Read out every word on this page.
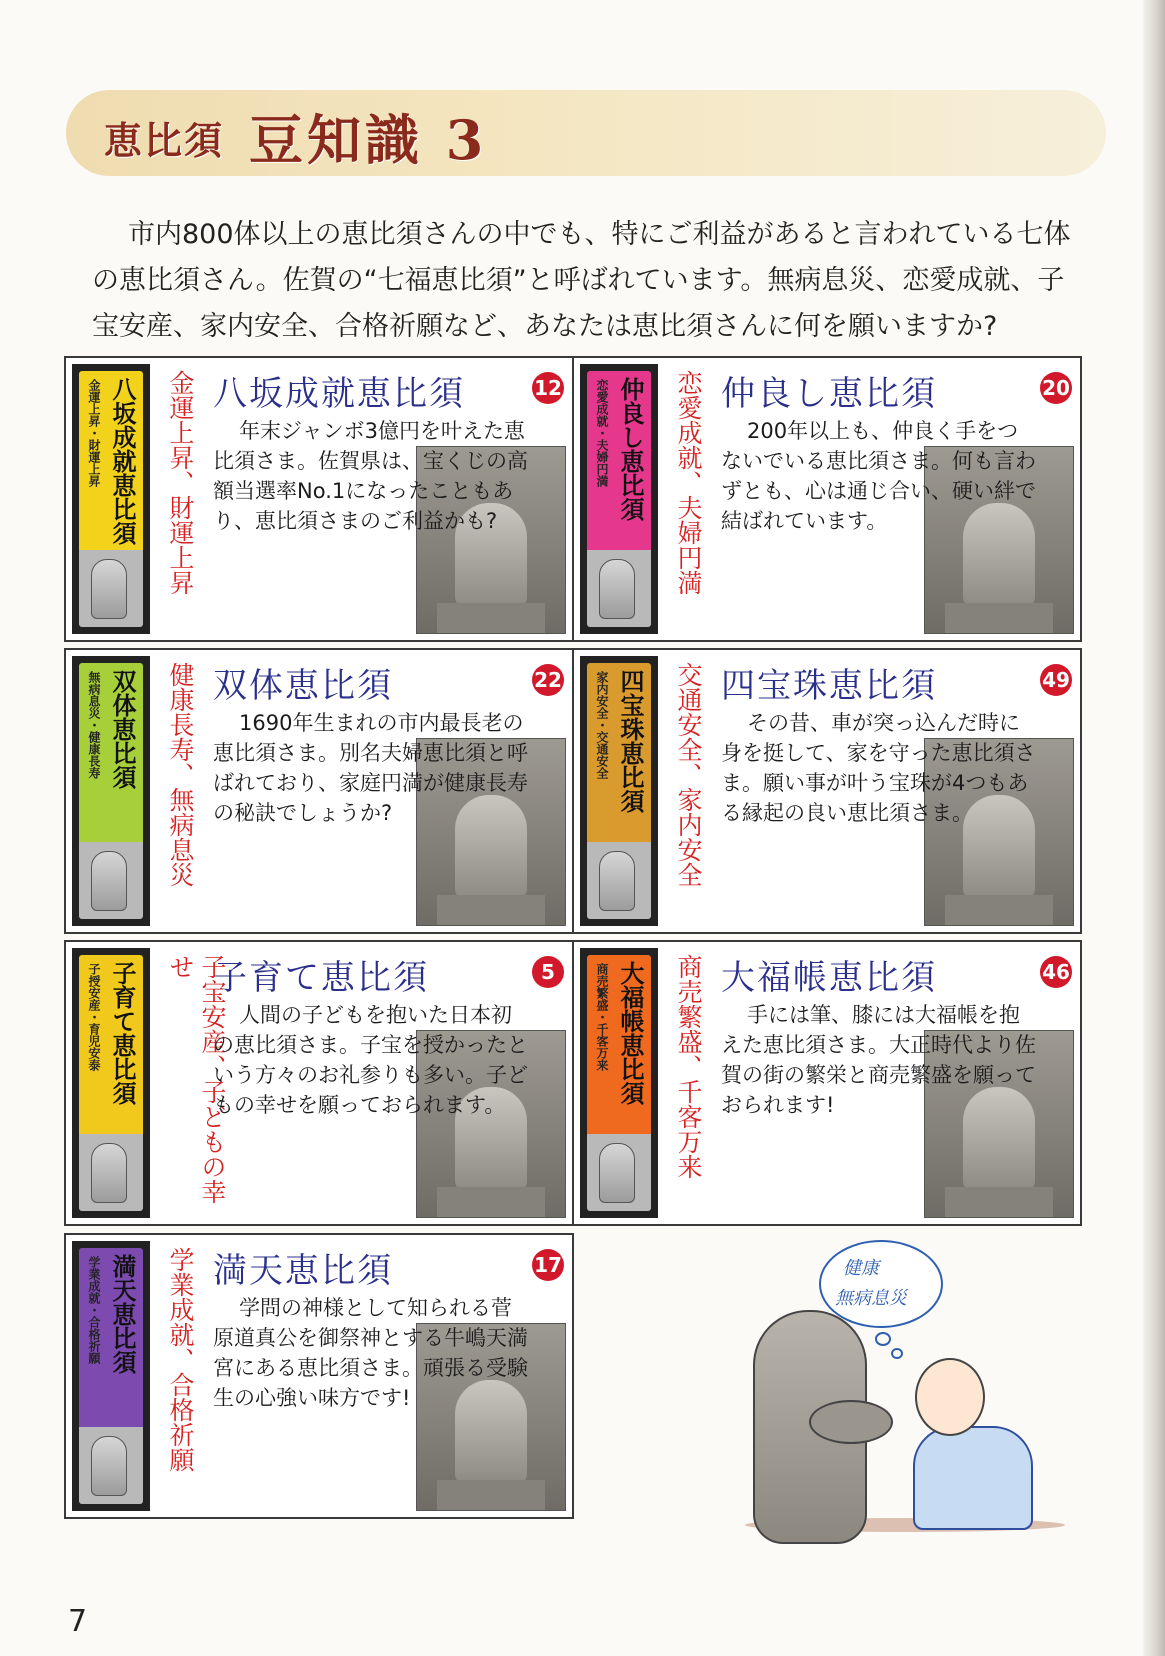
恵比須 豆知識 3
市内800体以上の恵比須さんの中でも、特にご利益があると言われている七体の恵比須さん。佐賀の“七福恵比須”と呼ばれています。無病息災、恋愛成就、子宝安産、家内安全、合格祈願など、あなたは恵比須さんに何を願いますか?
金運上昇・財運上昇 八坂成就恵比須 金運上昇、財運上昇 八坂成就恵比須	12
年末ジャンボ3億円を叶えた恵比須さま。佐賀県は、宝くじの高額当選率No.1になったこともあり、恵比須さまのご利益かも?
恋愛成就・夫婦円満 仲良し恵比須 恋愛成就、夫婦円満 仲良し恵比須	20
200年以上も、仲良く手をつないでいる恵比須さま。何も言わずとも、心は通じ合い、硬い絆で結ばれています。
無病息災・健康長寿 双体恵比須 健康長寿、無病息災 双体恵比須	22
1690年生まれの市内最長老の恵比須さま。別名夫婦恵比須と呼ばれており、家庭円満が健康長寿の秘訣でしょうか?
家内安全・交通安全 四宝珠恵比須 交通安全、家内安全 四宝珠恵比須	49
その昔、車が突っ込んだ時に身を挺して、家を守った恵比須さま。願い事が叶う宝珠が4つもある縁起の良い恵比須さま。
子授安産・育児安泰 子育て恵比須	子宝安産、子どもの幸せ 子育て恵比須	5
人間の子どもを抱いた日本初の恵比須さま。子宝を授かったという方々のお礼参りも多い。子どもの幸せを願っておられます。
商売繁盛・千客万来 大福帳恵比須 商売繁盛、千客万来 大福帳恵比須	46
手には筆、膝には大福帳を抱えた恵比須さま。大正時代より佐賀の街の繁栄と商売繁盛を願っておられます!
学業成就・合格祈願 満天恵比須 学業成就、合格祈願 満天恵比須	17
学問の神様として知られる菅原道真公を御祭神とする牛嶋天満宮にある恵比須さま。頑張る受験生の心強い味方です!
健康
無病息災
7
